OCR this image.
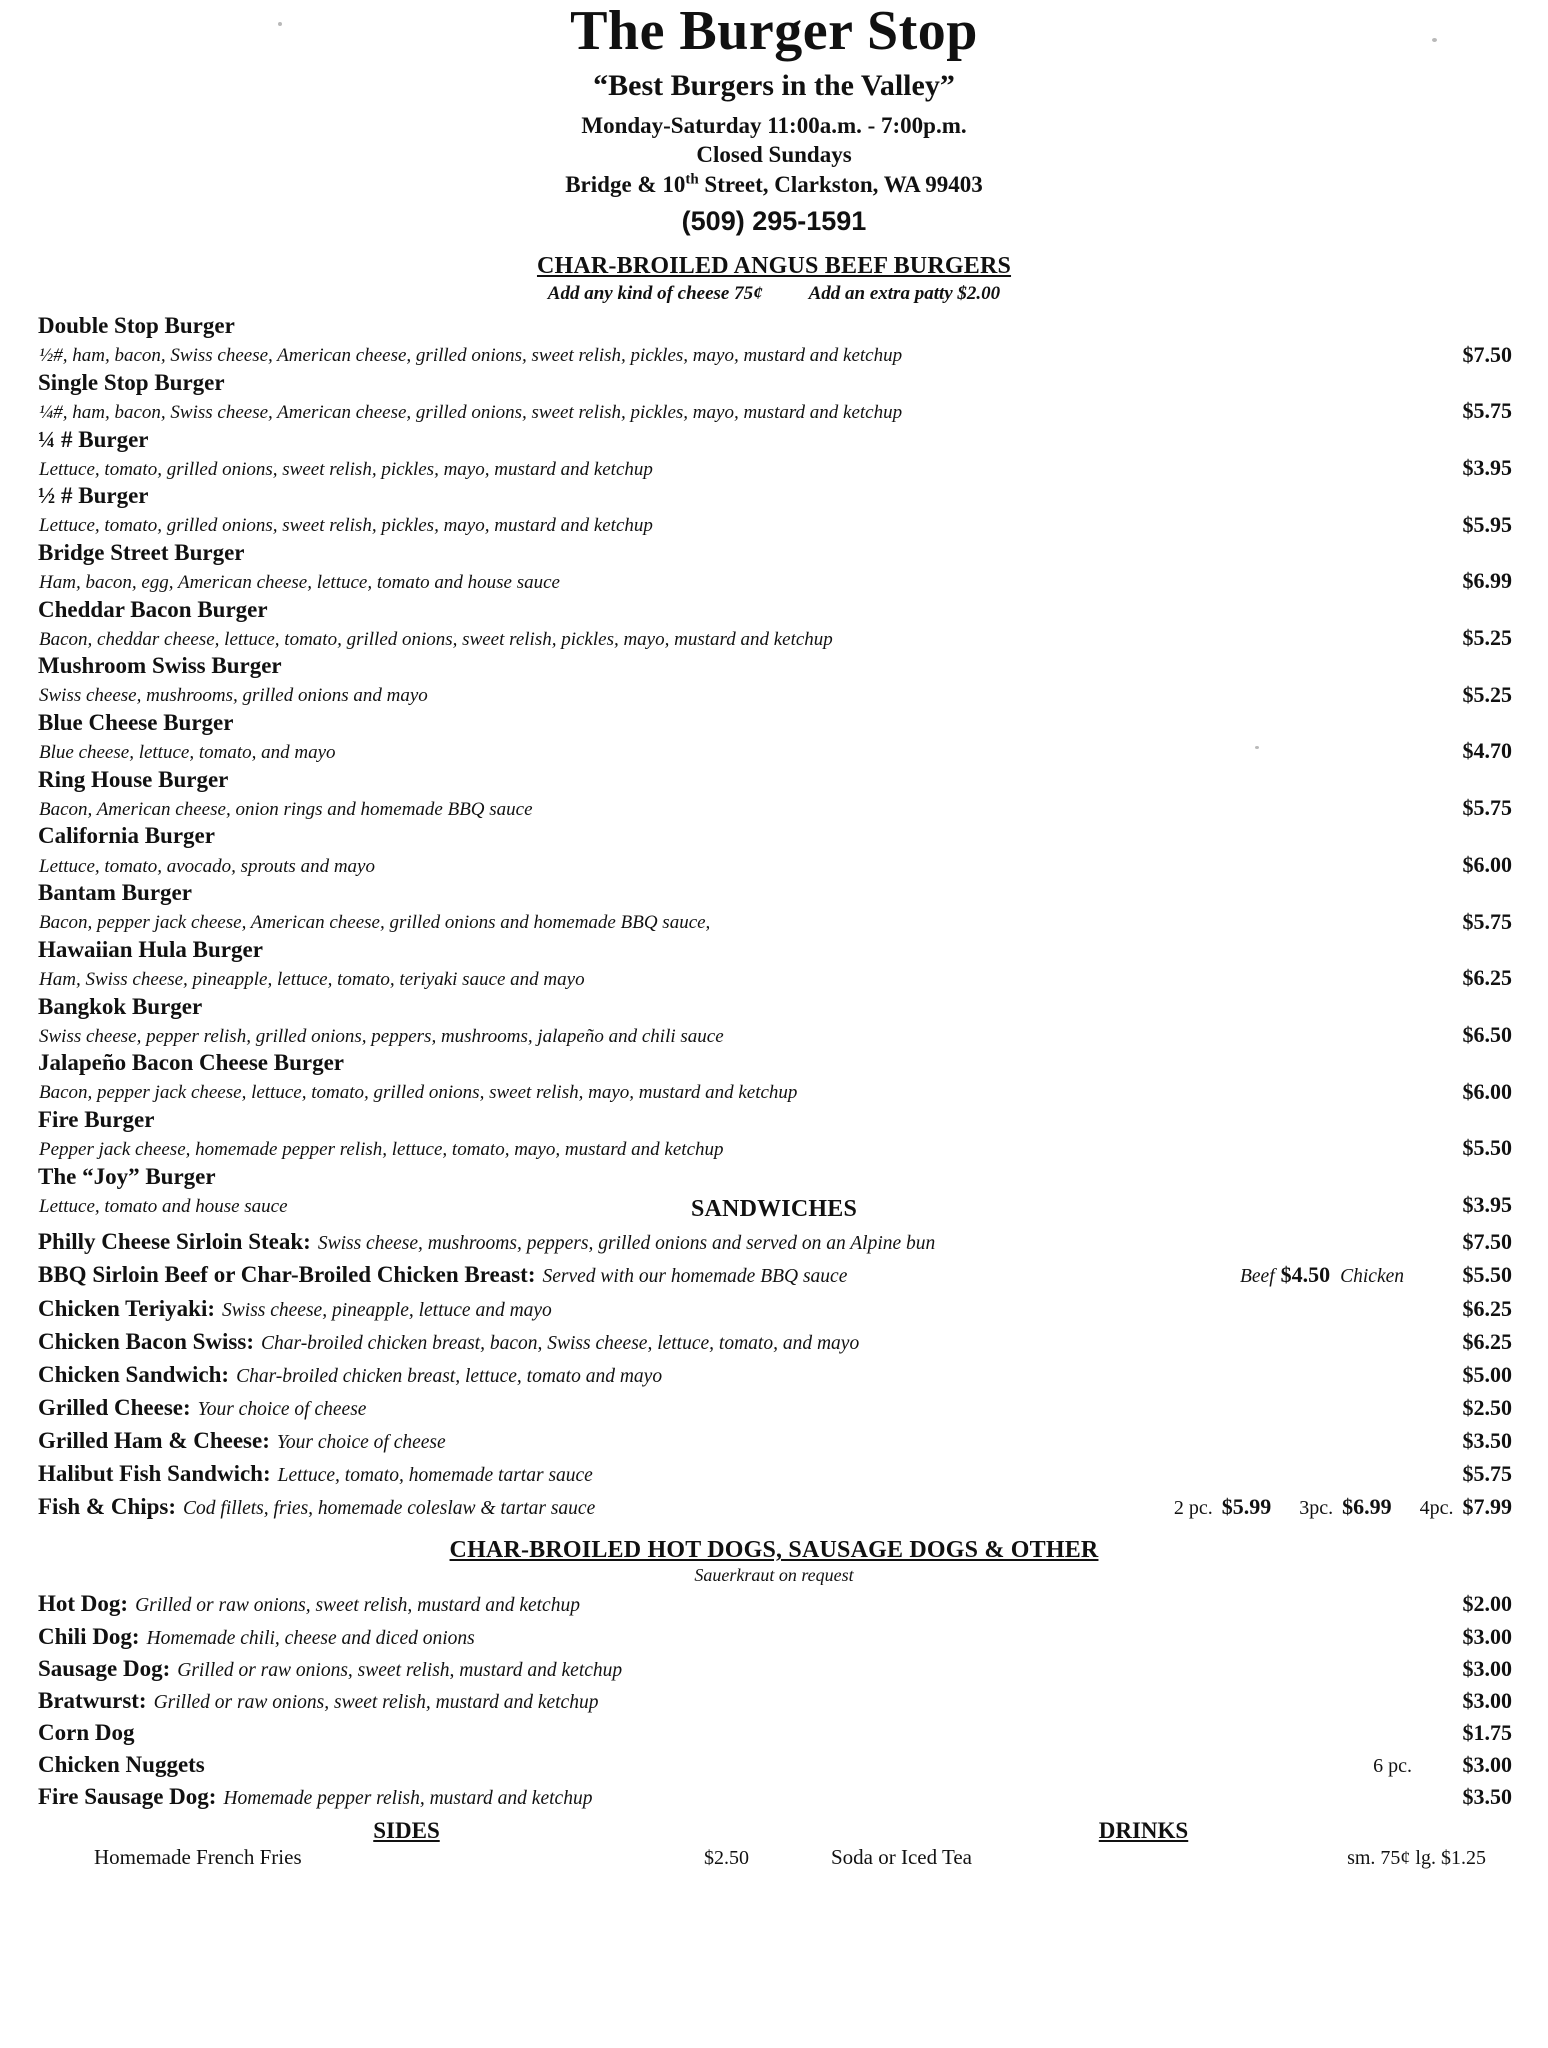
The Burger Stop
“Best Burgers in the Valley”
Monday-Saturday 11:00a.m. - 7:00p.m.
Closed Sundays
Bridge & 10th Street, Clarkston, WA 99403
(509) 295-1591
CHAR-BROILED ANGUS BEEF BURGERS
Add any kind of cheese 75¢ Add an extra patty $2.00
Double Stop Burger
½#, ham, bacon, Swiss cheese, American cheese, grilled onions, sweet relish, pickles, mayo, mustard and ketchup	$7.50
Single Stop Burger
¼#, ham, bacon, Swiss cheese, American cheese, grilled onions, sweet relish, pickles, mayo, mustard and ketchup	$5.75
¼ # Burger
Lettuce, tomato, grilled onions, sweet relish, pickles, mayo, mustard and ketchup	$3.95
½ # Burger
Lettuce, tomato, grilled onions, sweet relish, pickles, mayo, mustard and ketchup	$5.95
Bridge Street Burger
Ham, bacon, egg, American cheese, lettuce, tomato and house sauce	$6.99
Cheddar Bacon Burger
Bacon, cheddar cheese, lettuce, tomato, grilled onions, sweet relish, pickles, mayo, mustard and ketchup	$5.25
Mushroom Swiss Burger
Swiss cheese, mushrooms, grilled onions and mayo	$5.25
Blue Cheese Burger
Blue cheese, lettuce, tomato, and mayo	$4.70
Ring House Burger
Bacon, American cheese, onion rings and homemade BBQ sauce	$5.75
California Burger
Lettuce, tomato, avocado, sprouts and mayo	$6.00
Bantam Burger
Bacon, pepper jack cheese, American cheese, grilled onions and homemade BBQ sauce,	$5.75
Hawaiian Hula Burger
Ham, Swiss cheese, pineapple, lettuce, tomato, teriyaki sauce and mayo	$6.25
Bangkok Burger
Swiss cheese, pepper relish, grilled onions, peppers, mushrooms, jalapeño and chili sauce	$6.50
Jalapeño Bacon Cheese Burger
Bacon, pepper jack cheese, lettuce, tomato, grilled onions, sweet relish, mayo, mustard and ketchup	$6.00
Fire Burger
Pepper jack cheese, homemade pepper relish, lettuce, tomato, mayo, mustard and ketchup	$5.50
The “Joy” Burger
Lettuce, tomato and house sauce	$3.95
SANDWICHES
Philly Cheese Sirloin Steak: Swiss cheese, mushrooms, peppers, grilled onions and served on an Alpine bun	$7.50
BBQ Sirloin Beef or Char-Broiled Chicken Breast: Served with our homemade BBQ sauce	Beef $4.50 Chicken	$5.50
Chicken Teriyaki: Swiss cheese, pineapple, lettuce and mayo	$6.25
Chicken Bacon Swiss: Char-broiled chicken breast, bacon, Swiss cheese, lettuce, tomato, and mayo	$6.25
Chicken Sandwich: Char-broiled chicken breast, lettuce, tomato and mayo	$5.00
Grilled Cheese: Your choice of cheese	$2.50
Grilled Ham & Cheese: Your choice of cheese	$3.50
Halibut Fish Sandwich: Lettuce, tomato, homemade tartar sauce	$5.75
Fish & Chips: Cod fillets, fries, homemade coleslaw & tartar sauce	2 pc. $5.99 3pc. $6.99 4pc. $7.99
CHAR-BROILED HOT DOGS, SAUSAGE DOGS & OTHER
Sauerkraut on request
Hot Dog: Grilled or raw onions, sweet relish, mustard and ketchup	$2.00
Chili Dog: Homemade chili, cheese and diced onions	$3.00
Sausage Dog: Grilled or raw onions, sweet relish, mustard and ketchup	$3.00
Bratwurst: Grilled or raw onions, sweet relish, mustard and ketchup	$3.00
Corn Dog	$1.75
Chicken Nuggets	6 pc.	$3.00
Fire Sausage Dog: Homemade pepper relish, mustard and ketchup	$3.50
SIDES
Homemade French Fries	$2.50
DRINKS
Soda or Iced Tea	sm. 75¢ lg. $1.25
